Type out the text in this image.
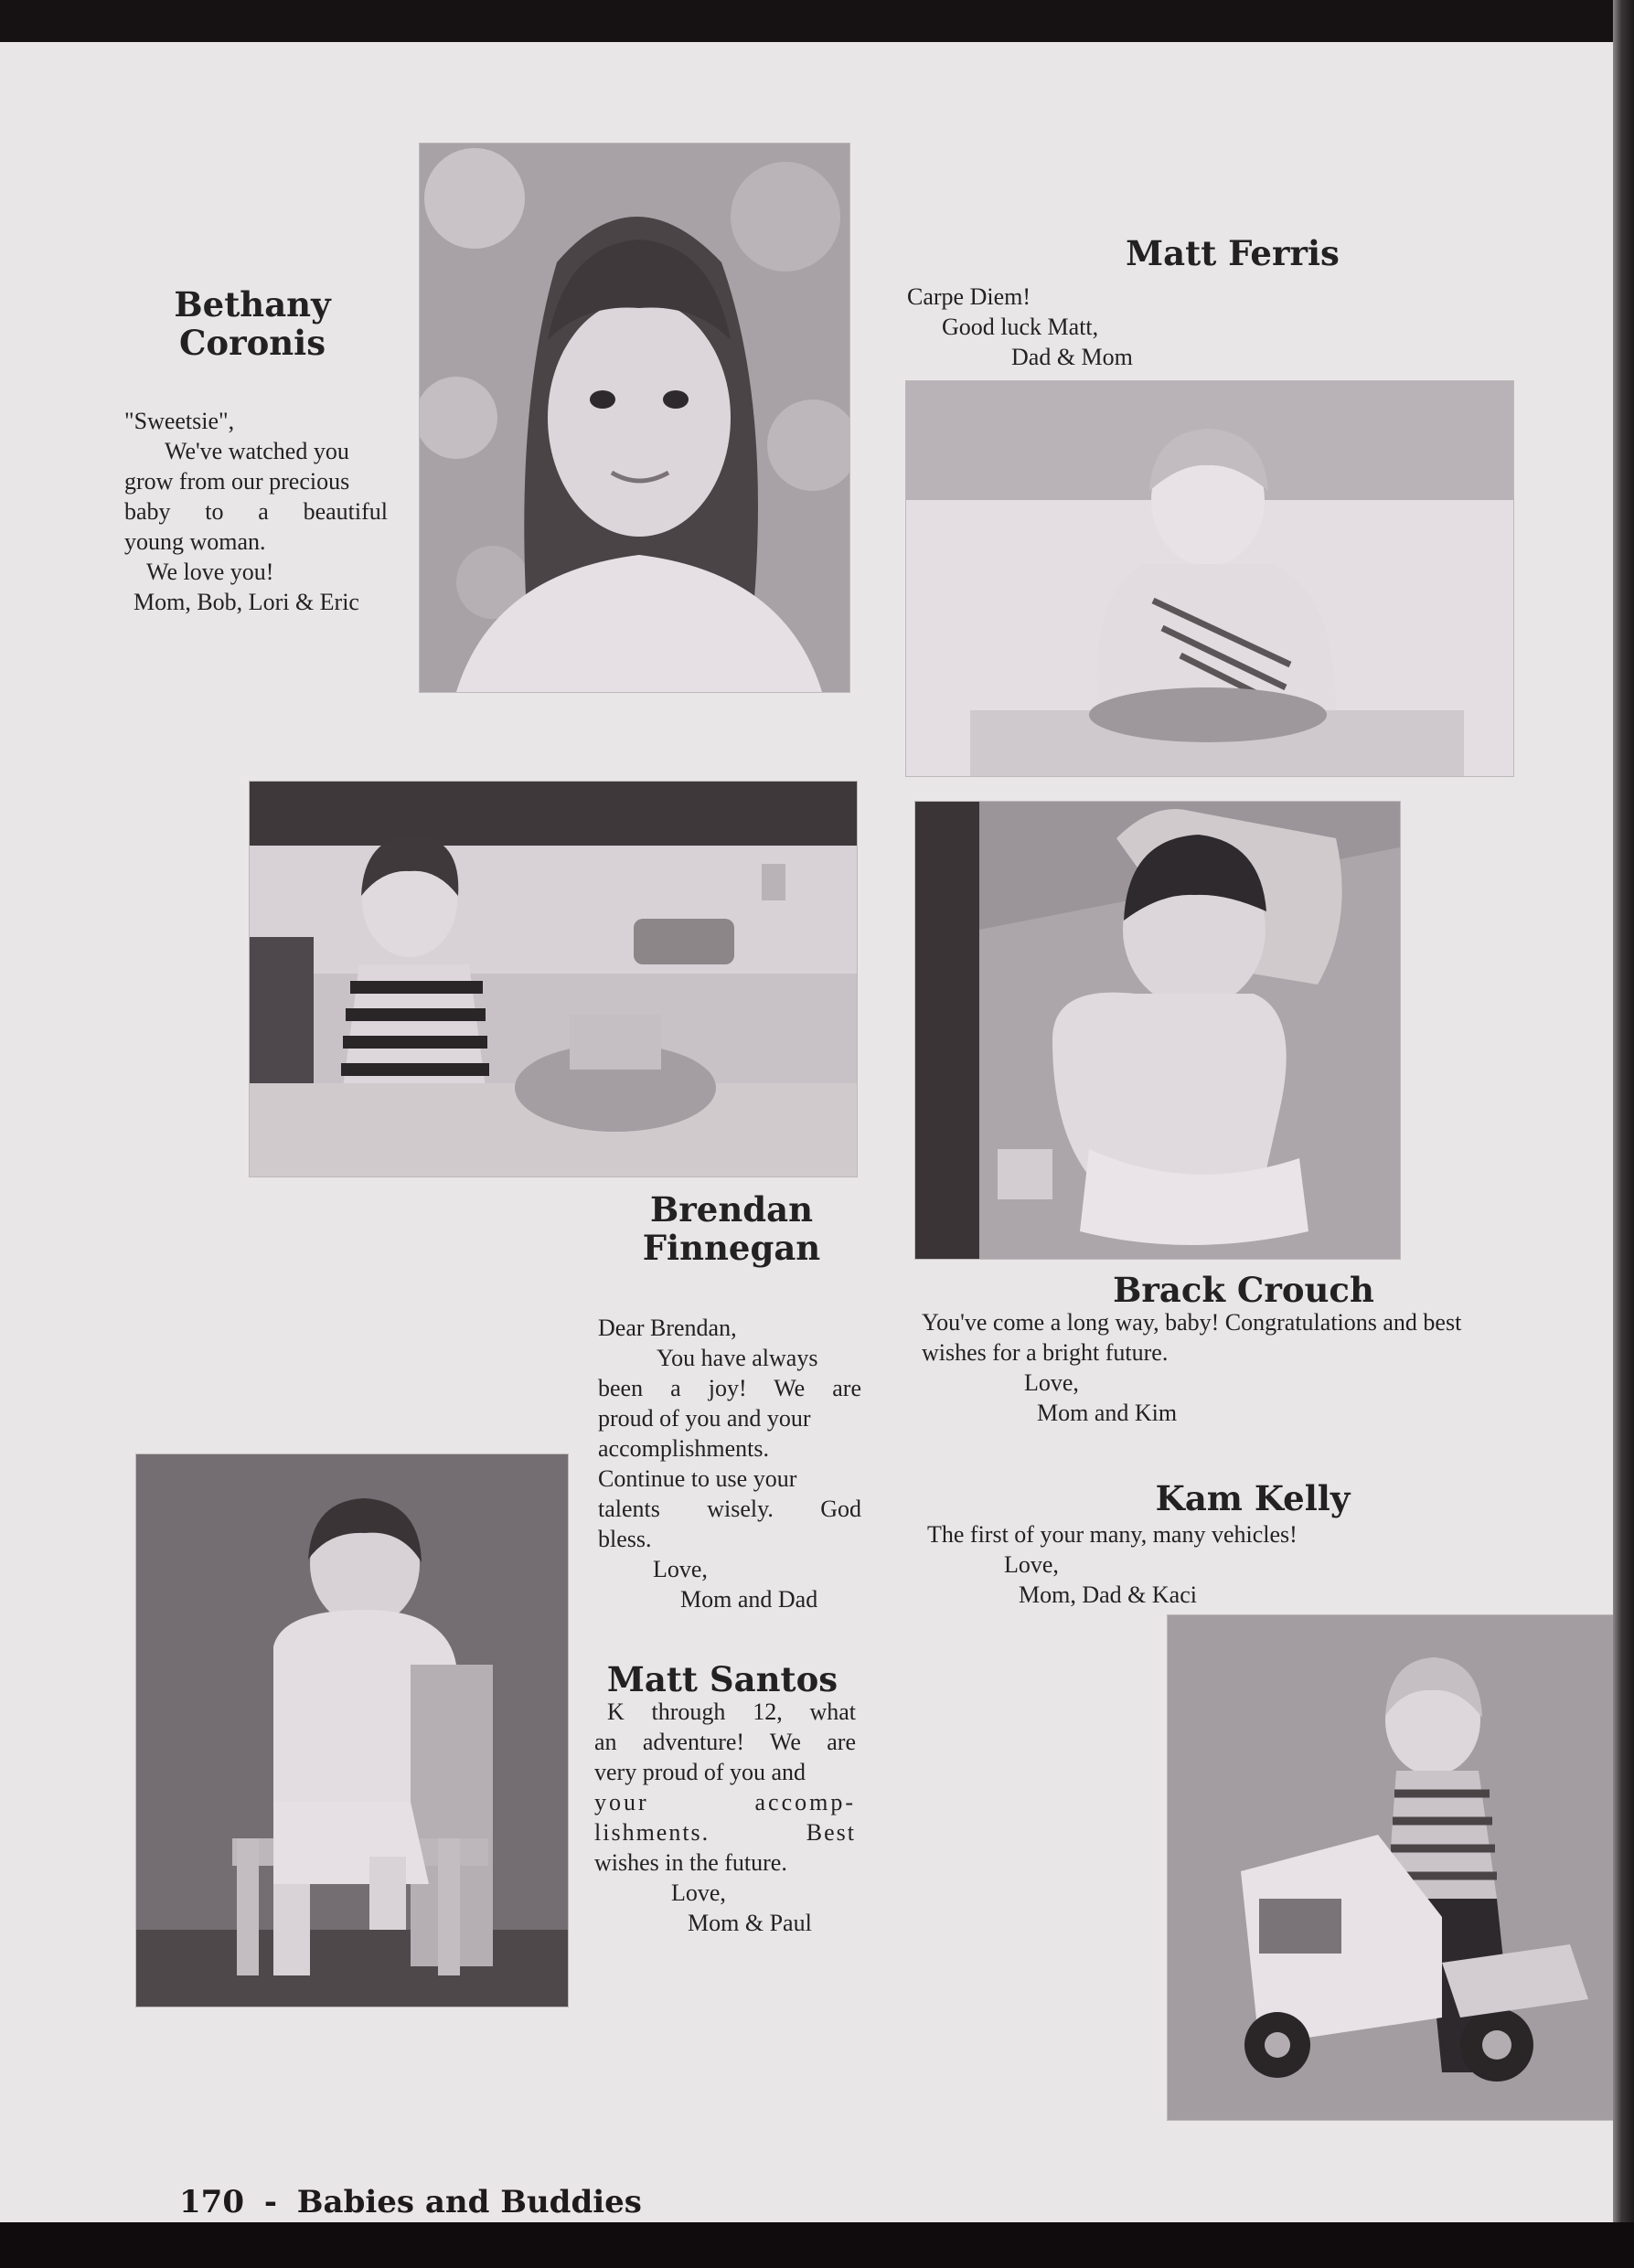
Bethany
Coronis

"Sweetsie",
We've watched you
grow from our precious
baby to a beautiful
young woman.
We love you!
Mom, Bob, Lori & Eric

Matt Ferris

Carpe Diem!
Good luck Matt,
Dad & Mom

Brendan
Finnegan

Dear Brendan,
You have always
been a joy! We are
proud of you and your
accomplishments.
Continue to use your
talents wisely. God
bless.
Love,
Mom and Dad

Brack Crouch

You've come a long way, baby! Congratulations and best
wishes for a bright future.
Love,
Mom and Kim

Kam Kelly

The first of your many, many vehicles!
Love,
Mom, Dad & Kaci

Matt Santos

K through 12, what
an adventure! We are
very proud of you and
your accomp-
lishments. Best
wishes in the future.
Love,
Mom & Paul

170 - Babies and Buddies
